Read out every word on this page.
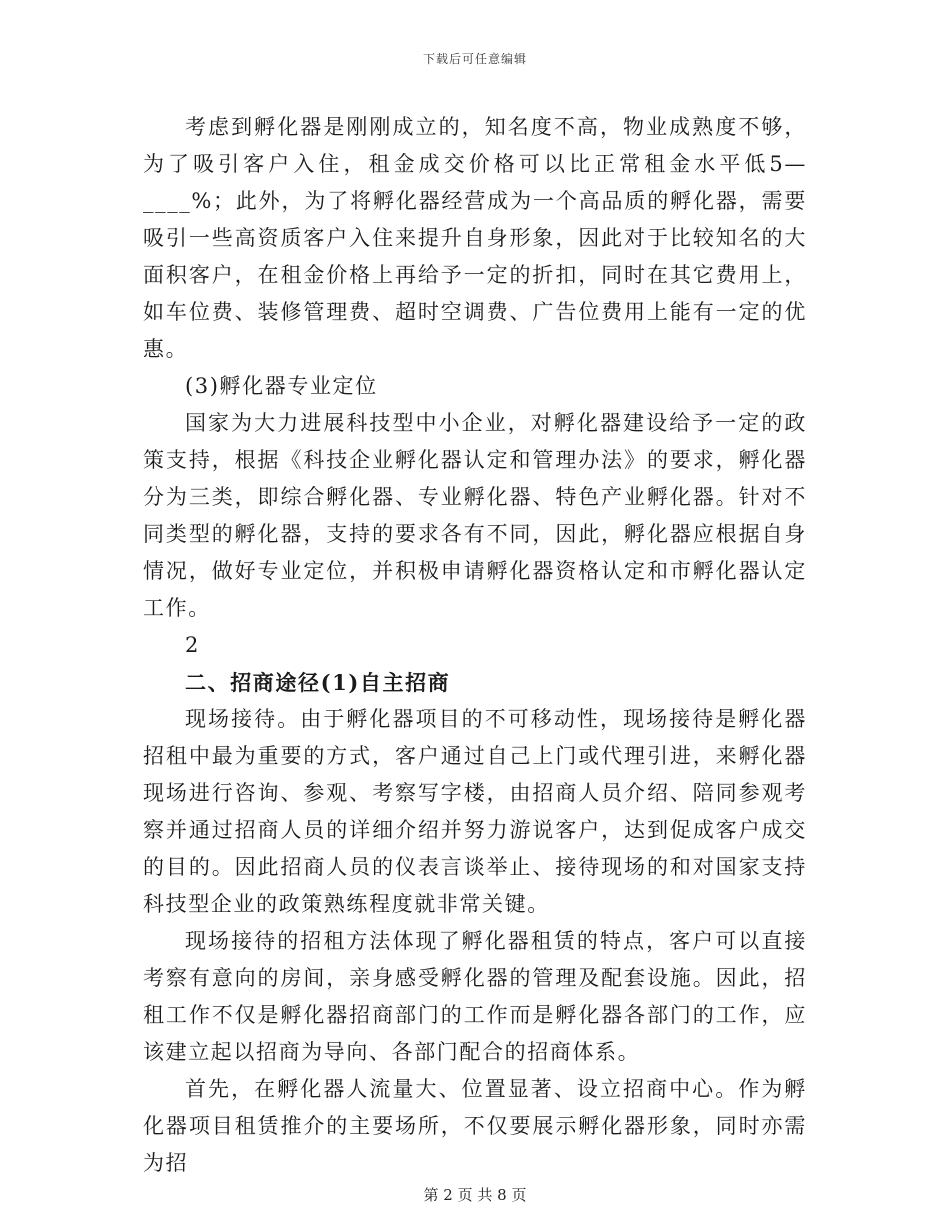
下载后可任意编辑

考虑到孵化器是刚刚成立的，知名度不高，物业成熟度不够，为了吸引客户入住，租金成交价格可以比正常租金水平低5—____%；此外，为了将孵化器经营成为一个高品质的孵化器，需要吸引一些高资质客户入住来提升自身形象，因此对于比较知名的大面积客户，在租金价格上再给予一定的折扣，同时在其它费用上，如车位费、装修管理费、超时空调费、广告位费用上能有一定的优惠。

(3)孵化器专业定位

国家为大力进展科技型中小企业，对孵化器建设给予一定的政策支持，根据《科技企业孵化器认定和管理办法》的要求，孵化器分为三类，即综合孵化器、专业孵化器、特色产业孵化器。针对不同类型的孵化器，支持的要求各有不同，因此，孵化器应根据自身情况，做好专业定位，并积极申请孵化器资格认定和市孵化器认定工作。

2

二、招商途径(1)自主招商

现场接待。由于孵化器项目的不可移动性，现场接待是孵化器招租中最为重要的方式，客户通过自己上门或代理引进，来孵化器现场进行咨询、参观、考察写字楼，由招商人员介绍、陪同参观考察并通过招商人员的详细介绍并努力游说客户，达到促成客户成交的目的。因此招商人员的仪表言谈举止、接待现场的和对国家支持科技型企业的政策熟练程度就非常关键。

现场接待的招租方法体现了孵化器租赁的特点，客户可以直接考察有意向的房间，亲身感受孵化器的管理及配套设施。因此，招租工作不仅是孵化器招商部门的工作而是孵化器各部门的工作，应该建立起以招商为导向、各部门配合的招商体系。

首先，在孵化器人流量大、位置显著、设立招商中心。作为孵化器项目租赁推介的主要场所，不仅要展示孵化器形象，同时亦需为招

第 2 页 共 8 页
